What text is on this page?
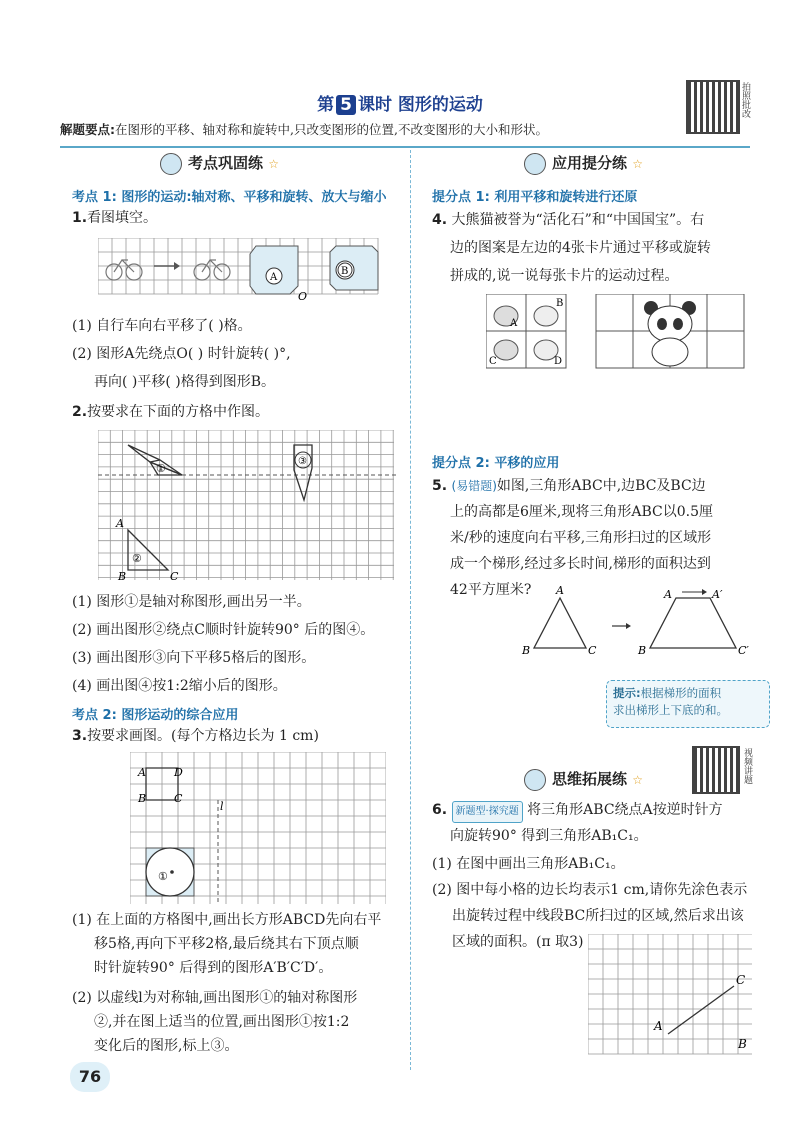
第 5 课时 图形的运动	拍照批改
解题要点:在图形的平移、轴对称和旋转中,只改变图形的位置,不改变图形的大小和形状。
考点巩固练 ☆
考点 1: 图形的运动:轴对称、平移和旋转、放大与缩小
1.看图填空。
A
O
B
(1) 自行车向右平移了( )格。
(2) 图形A先绕点O( ) 时针旋转( )°,
再向( )平移( )格得到图形B。
2.按要求在下面的方格中作图。
①
③
②
A
B	C
(1) 图形①是轴对称图形,画出另一半。
(2) 画出图形②绕点C顺时针旋转90° 后的图④。
(3) 画出图形③向下平移5格后的图形。
(4) 画出图④按1:2缩小后的图形。
考点 2: 图形运动的综合应用
3.按要求画图。(每个方格边长为 1 cm)
l
A	D
B	C
①
(1) 在上面的方格图中,画出长方形ABCD先向右平
移5格,再向下平移2格,最后绕其右下顶点顺
时针旋转90° 后得到的图形A′B′C′D′。
(2) 以虚线l为对称轴,画出图形①的轴对称图形
②,并在图上适当的位置,画出图形①按1:2
变化后的图形,标上③。
76
应用提分练 ☆
提分点 1: 利用平移和旋转进行还原
4. 大熊猫被誉为“活化石”和“中国国宝”。右
边的图案是左边的4张卡片通过平移或旋转
拼成的,说一说每张卡片的运动过程。
A
B
C	D
提分点 2: 平移的应用
5. (易错题)如图,三角形ABC中,边BC及BC边
上的高都是6厘米,现将三角形ABC以0.5厘
米/秒的速度向右平移,三角形扫过的区域形
成一个梯形,经过多长时间,梯形的面积达到
42平方厘米? A
B	C
A	A′
B	C′
提示:根据梯形的面积
求出梯形上下底的和。
视频讲题
思维拓展练 ☆
6. 新题型·探究题 将三角形ABC绕点A按逆时针方
向旋转90° 得到三角形AB₁C₁。
(1) 在图中画出三角形AB₁C₁。
(2) 图中每小格的边长均表示1 cm,请你先涂色表示
出旋转过程中线段BC所扫过的区域,然后求出该
区域的面积。(π 取3)
A
C
B
